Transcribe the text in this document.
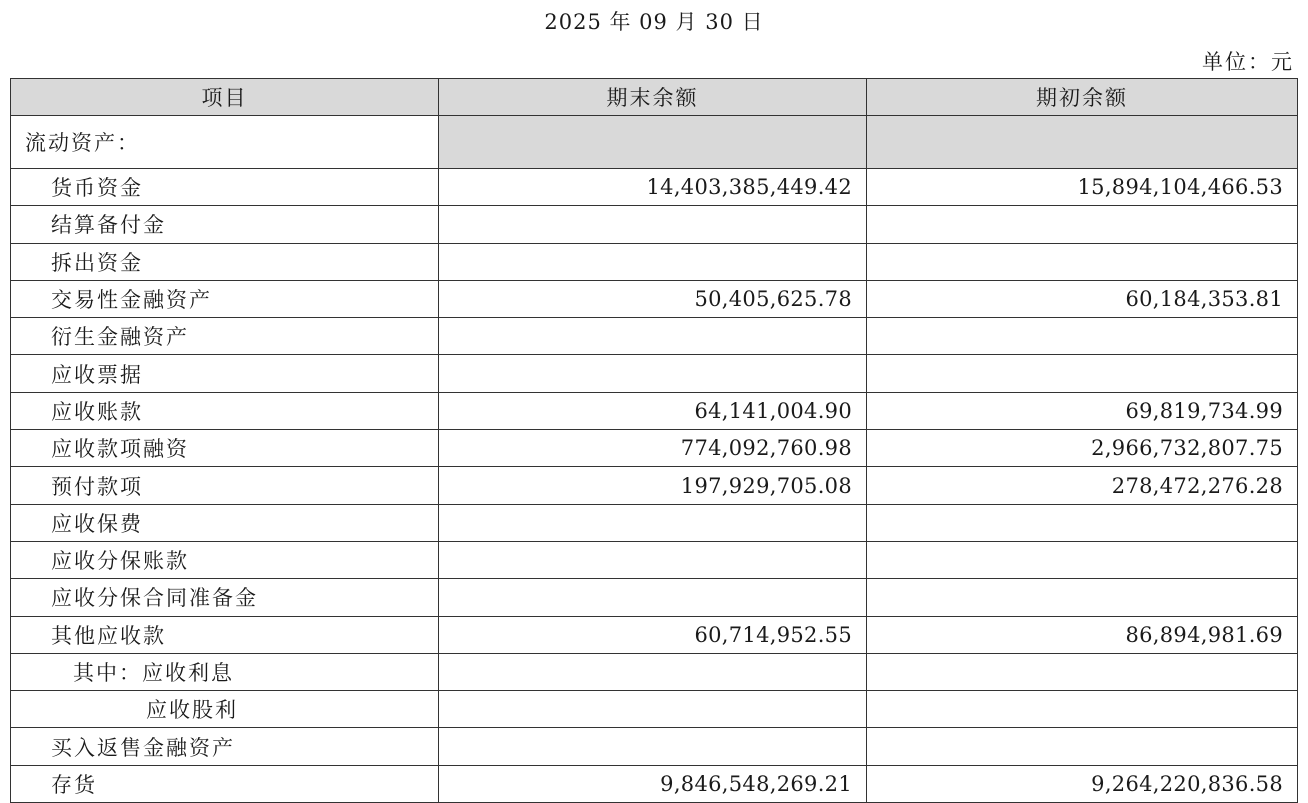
2025 年 09 月 30 日
单位：元
项目	期末余额	期初余额
流动资产：		
货币资金	14,403,385,449.42	15,894,104,466.53
结算备付金		
拆出资金		
交易性金融资产	50,405,625.78	60,184,353.81
衍生金融资产		
应收票据		
应收账款	64,141,004.90	69,819,734.99
应收款项融资	774,092,760.98	2,966,732,807.75
预付款项	197,929,705.08	278,472,276.28
应收保费		
应收分保账款		
应收分保合同准备金		
其他应收款	60,714,952.55	86,894,981.69
其中：应收利息		
应收股利		
买入返售金融资产		
存货	9,846,548,269.21	9,264,220,836.58
